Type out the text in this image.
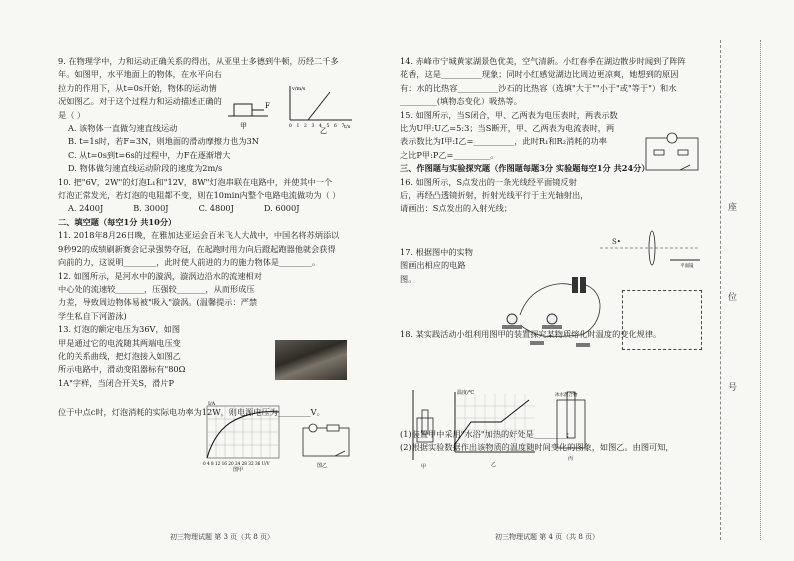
9. 在物理学中，力和运动正确关系的得出，从亚里士多德到牛顿，历经二千多
年。如图甲，水平地面上的物体，在水平向右
拉力的作用下，从t=0s开始，物体的运动情
况如图乙。对于这个过程力和运动描述正确的
是（ ）
A. 该物体一直做匀速直线运动
B. t=1s时，若F=3N，则地面的滑动摩擦力也为3N
C. 从t=0s到t=6s的过程中，力F在逐渐增大
D. 物体做匀速直线运动阶段的速度为2m/s
10. 把"6V，2W"的灯泡L₁和"12V，8W"灯泡串联在电路中，并使其中一个
灯泡正常发光，若灯泡的电阻都不变，则在10min内整个电路电流做功为（ ）
A. 2400J	B. 3000J	C. 4800J	D. 6000J
二、填空题（每空1分 共10分）
11. 2018年8月26日晚，在雅加达亚运会百米飞人大战中，中国名将苏炳添以
9秒92的成绩刷新赛会记录强势夺冠，在起跑时用力向后蹬起跑器他就会获得
向前的力，这说明________，此时使人前进的力的施力物体是________。
12. 如图所示，是河水中的漩涡，漩涡边沿水的流速相对
中心处的流速较_______，压强较_______，从而形成压
力差，导致周边物体易被"吸入"漩涡。(温馨提示：严禁
学生私自下河游泳)
13. 灯泡的额定电压为36V，如图
甲是通过它的电流随其两端电压变
化的关系曲线，把灯泡接入如图乙
所示电路中，滑动变阻器标有"80Ω
1A"字样，当闭合开关S，滑片P
位于中点c时，灯泡消耗的实际电功率为12W，则电源电压为________V。
F
甲
v/m/s
0 1 2 3 4 5 6 7 t/s
乙
I/A
0 4 8 12 16 20 24 28 32 36 U/V
图甲
图乙
初三物理试题 第 3 页（共 8 页）
14. 赤峰市宁城黄家湖景色优美，空气清新。小红春季在湖边散步时闻到了阵阵
花香，这是__________现象；同时小红感觉湖边比周边更凉爽，她想到的原因
有：水的比热容__________沙石的比热容（选填"大于""小于"或"等于"）和水
_________(填物态变化）吸热等。
15. 如图所示，当S闭合，甲、乙两表为电压表时，两表示数
比为U甲:U乙=5:3；当S断开，甲、乙两表为电流表时，两
表示数比为I甲:I乙=__________，此时R₁和R₂消耗的功率
之比P甲:P乙=_________。
三、作图题与实验探究题（作图题每题3分 实验题每空1分 共24分）
16. 如图所示，S点发出的一条光线经平面镜反射
后，再经凸透镜折射，折射光线平行于主光轴射出，
请画出：S点发出的入射光线；
17. 根据图中的实物
图画出相应的电路
图。
18. 某实践活动小组利用图甲的装置探究某物质熔化时温度的变化规律。
(1)装置甲中采用"水浴"加热的好处是________;
(2)根据实验数据作出该物质的温度随时间变化的图象，如图乙。由图可知，
平面镜
S•
甲
温度/℃
乙
冰水混合物
丙
初三物理试题 第 4 页（共 8 页）
座
位
号
